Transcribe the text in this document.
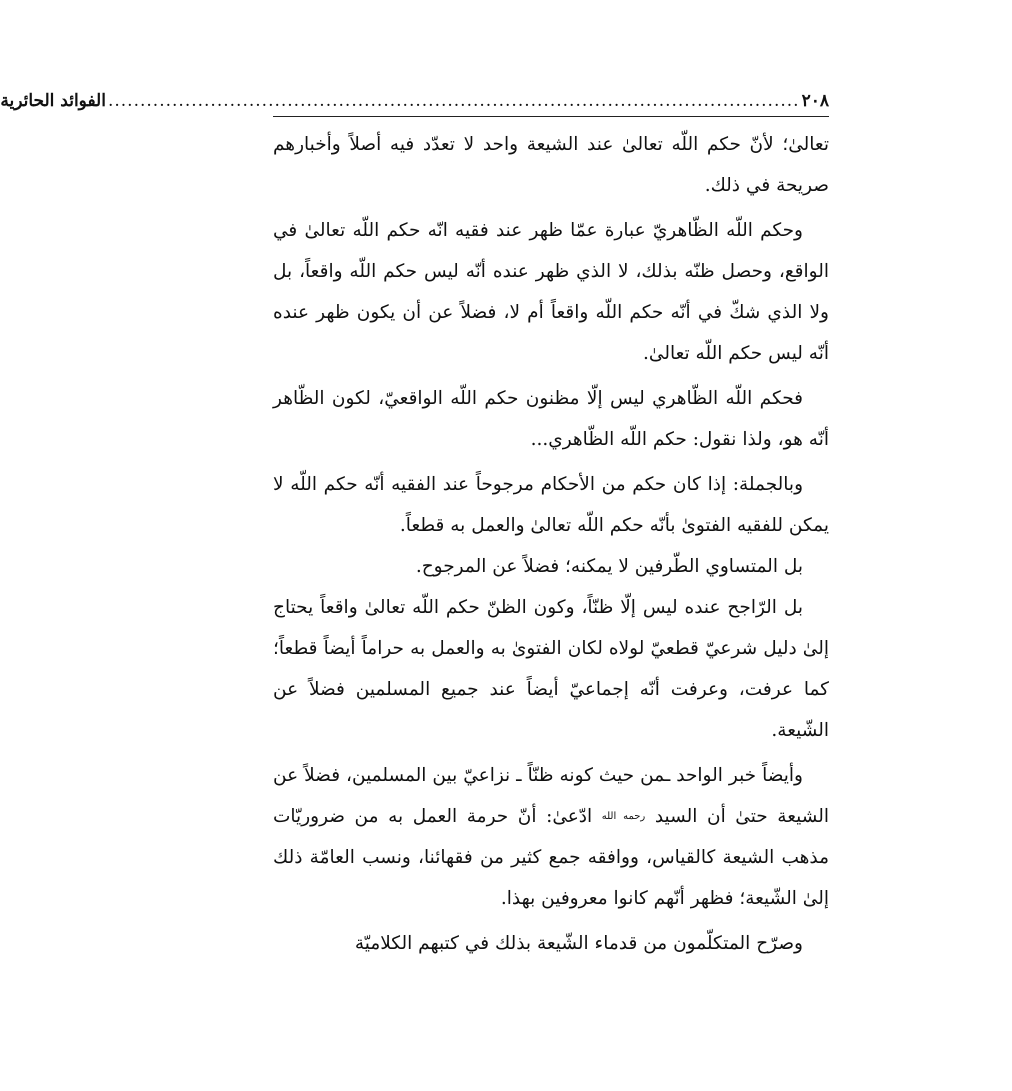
٢٠٨
............................................................................................................
الفوائد الحائرية

تعالىٰ؛ لأنّ حكم اللّه تعالىٰ عند الشيعة واحد لا تعدّد فيه أصلاً وأخبارهم صريحة في ذلك.

وحكم اللّه الظّاهريّ عبارة عمّا ظهر عند فقيه انّه حكم اللّه تعالىٰ في الواقع، وحصل ظنّه بذلك، لا الذي ظهر عنده أنّه ليس حكم اللّه واقعاً، بل ولا الذي شكّ في أنّه حكم اللّه واقعاً أم لا، فضلاً عن أن يكون ظهر عنده أنّه ليس حكم اللّه تعالىٰ.

فحكم اللّه الظّاهري ليس إلّا مظنون حكم اللّه الواقعيّ، لكون الظّاهر أنّه هو، ولذا نقول: حكم اللّه الظّاهري...

وبالجملة: إذا كان حكم من الأحكام مرجوحاً عند الفقيه أنّه حكم اللّه لا يمكن للفقيه الفتوىٰ بأنّه حكم اللّه تعالىٰ والعمل به قطعاً.

بل المتساوي الطّرفين لا يمكنه؛ فضلاً عن المرجوح.

بل الرّاجح عنده ليس إلّا ظنّاً، وكون الظنّ حكم اللّه تعالىٰ واقعاً يحتاج إلىٰ دليل شرعيّ قطعيّ لولاه لكان الفتوىٰ به والعمل به حراماً أيضاً قطعاً؛ كما عرفت، وعرفت أنّه إجماعيّ أيضاً عند جميع المسلمين فضلاً عن الشّيعة.

وأيضاً خبر الواحد ـمن حيث كونه ظنّاً ـ نزاعيّ بين المسلمين، فضلاً عن الشيعة حتىٰ أن السيد رحمه الله ادّعىٰ: أنّ حرمة العمل به من ضروريّات مذهب الشيعة كالقياس، ووافقه جمع كثير من فقهائنا، ونسب العامّة ذلك إلىٰ الشّيعة؛ فظهر أنّهم كانوا معروفين بهذا.

وصرّح المتكلّمون من قدماء الشّيعة بذلك في كتبهم الكلاميّة
